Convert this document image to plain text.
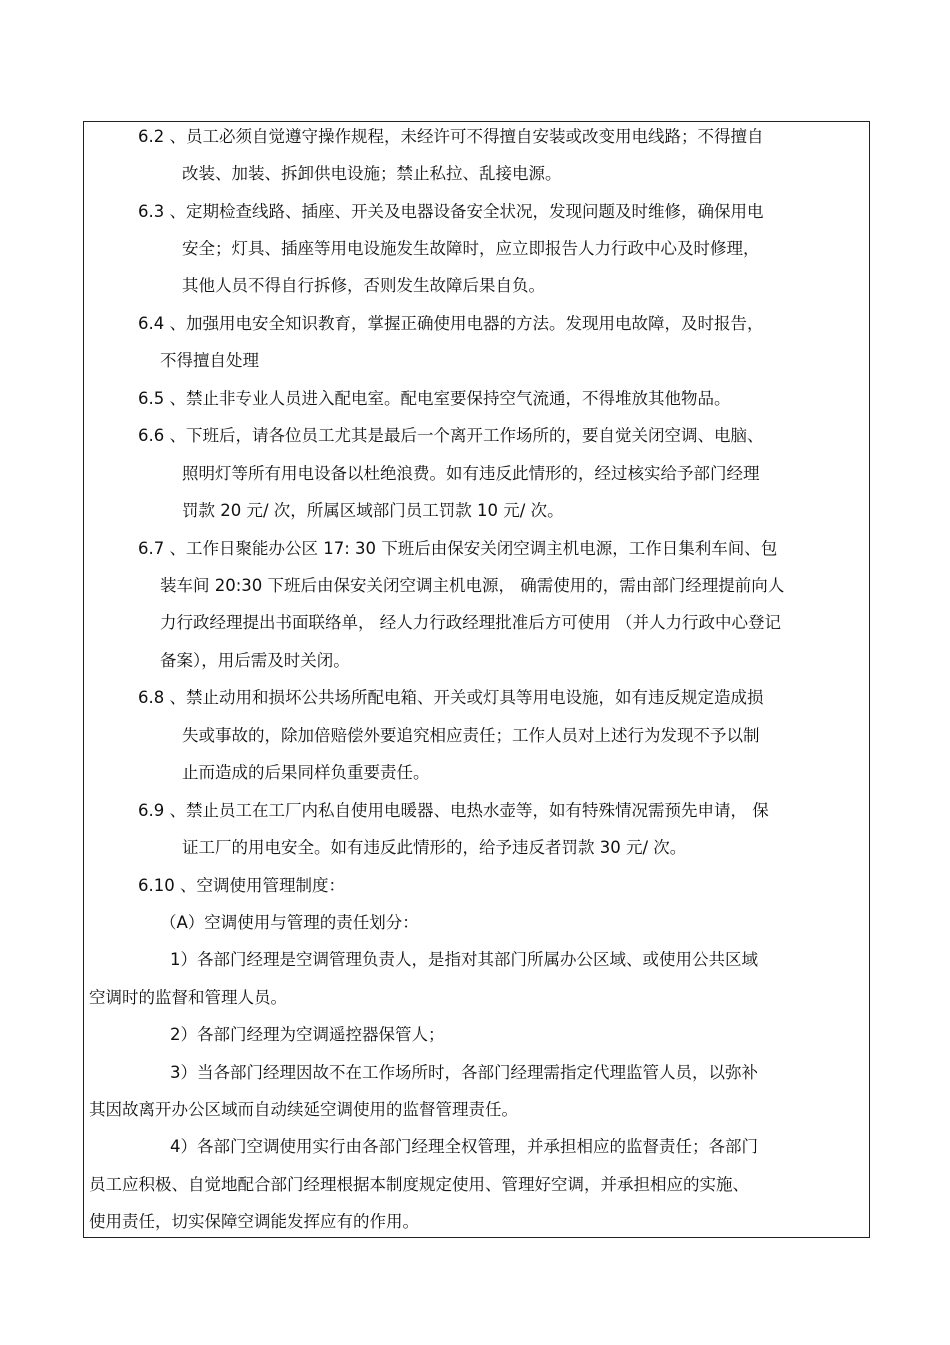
6.2 、员工必须自觉遵守操作规程，未经许可不得擅自安装或改变用电线路；不得擅自
改装、加装、拆卸供电设施；禁止私拉、乱接电源。
6.3 、定期检查线路、插座、开关及电器设备安全状况，发现问题及时维修，确保用电
安全；灯具、插座等用电设施发生故障时，应立即报告人力行政中心及时修理，
其他人员不得自行拆修，否则发生故障后果自负。
6.4 、加强用电安全知识教育，掌握正确使用电器的方法。发现用电故障，及时报告，
不得擅自处理
6.5 、禁止非专业人员进入配电室。配电室要保持空气流通，不得堆放其他物品。
6.6 、下班后，请各位员工尤其是最后一个离开工作场所的，要自觉关闭空调、电脑、
照明灯等所有用电设备以杜绝浪费。如有违反此情形的，经过核实给予部门经理
罚款 20 元/ 次，所属区域部门员工罚款 10 元/ 次。
6.7 、工作日聚能办公区 17: 30 下班后由保安关闭空调主机电源，工作日集利车间、包
装车间 20:30 下班后由保安关闭空调主机电源， 确需使用的，需由部门经理提前向人
力行政经理提出书面联络单， 经人力行政经理批准后方可使用 （并人力行政中心登记
备案），用后需及时关闭。
6.8 、禁止动用和损坏公共场所配电箱、开关或灯具等用电设施，如有违反规定造成损
失或事故的，除加倍赔偿外要追究相应责任；工作人员对上述行为发现不予以制
止而造成的后果同样负重要责任。
6.9 、禁止员工在工厂内私自使用电暖器、电热水壶等，如有特殊情况需预先申请， 保
证工厂的用电安全。如有违反此情形的，给予违反者罚款 30 元/ 次。
6.10 、空调使用管理制度：
（A）空调使用与管理的责任划分：
1）各部门经理是空调管理负责人，是指对其部门所属办公区域、或使用公共区域
空调时的监督和管理人员。
2）各部门经理为空调遥控器保管人；
3）当各部门经理因故不在工作场所时，各部门经理需指定代理监管人员，以弥补
其因故离开办公区域而自动续延空调使用的监督管理责任。
4）各部门空调使用实行由各部门经理全权管理，并承担相应的监督责任；各部门
员工应积极、自觉地配合部门经理根据本制度规定使用、管理好空调，并承担相应的实施、
使用责任，切实保障空调能发挥应有的作用。
